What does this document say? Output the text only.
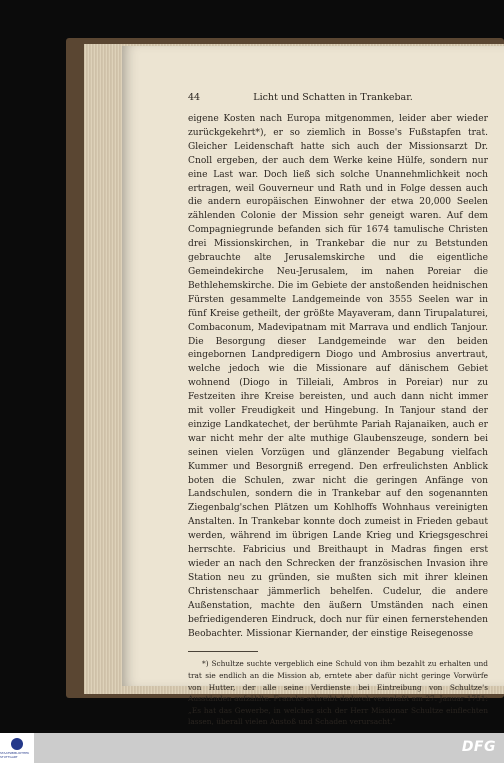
44	Licht und Schatten in Trankebar.

eigene Kosten nach Europa mitgenommen, leider aber wieder zurückgekehrt*), er so ziemlich in Bosse's Fußstapfen trat. Gleicher Leidenschaft hatte sich auch der Missionsarzt Dr. Cnoll ergeben, der auch dem Werke keine Hülfe, sondern nur eine Last war. Doch ließ sich solche Unannehmlichkeit noch ertragen, weil Gouverneur und Rath und in Folge dessen auch die andern europäischen Einwohner der etwa 20,000 Seelen zählenden Colonie der Mission sehr geneigt waren. Auf dem Compagniegrunde befanden sich für 1674 tamulische Christen drei Missionskirchen, in Trankebar die nur zu Betstunden gebrauchte alte Jerusalemskirche und die eigentliche Gemeindekirche Neu-Jerusalem, im nahen Poreiar die Bethlehemskirche. Die im Gebiete der anstoßenden heidnischen Fürsten gesammelte Landgemeinde von 3555 Seelen war in fünf Kreise getheilt, der größte Mayaveram, dann Tirupalaturei, Combaconum, Madevipatnam mit Marrava und endlich Tanjour. Die Besorgung dieser Landgemeinde war den beiden eingebornen Landpredigern Diogo und Ambrosius anvertraut, welche jedoch wie die Missionare auf dänischem Gebiet wohnend (Diogo in Tilleiali, Ambros in Poreiar) nur zu Festzeiten ihre Kreise bereisten, und auch dann nicht immer mit voller Freudigkeit und Hingebung. In Tanjour stand der einzige Landkatechet, der berühmte Pariah Rajanaiken, auch er war nicht mehr der alte muthige Glaubenszeuge, sondern bei seinen vielen Vorzügen und glänzender Begabung vielfach Kummer und Besorgniß erregend. Den erfreulichsten Anblick boten die Schulen, zwar nicht die geringen Anfänge von Landschulen, sondern die in Trankebar auf den sogenannten Ziegenbalg'schen Plätzen um Kohlhoffs Wohnhaus vereinigten Anstalten. In Trankebar konnte doch zumeist in Frieden gebaut werden, während im übrigen Lande Krieg und Kriegsgeschrei herrschte. Fabricius und Breithaupt in Madras fingen erst wieder an nach den Schrecken der französischen Invasion ihre Station neu zu gründen, sie mußten sich mit ihrer kleinen Christenschaar jämmerlich behelfen. Cudelur, die andere Außenstation, machte den äußern Umständen nach einen befriedigenderen Eindruck, doch nur für einen fernerstehenden Beobachter. Missionar Kiernander, der einstige Reisegenosse

*) Schultze suchte vergeblich eine Schuld von ihm bezahlt zu erhalten und trat sie endlich an die Mission ab, erntete aber dafür nicht geringe Vorwürfe von Hutter, der alle seine Verdienste bei Eintreibung von Schultze's Ausständen aufzählte. Francke schreibt dadurch veranlaßt am 27. Januar 1751: „Es hat das Gewerbe, in welches sich der Herr Missionar Schultze einflechten lassen, überall vielen Anstoß und Schaden verursacht."

STAATSBIBLIOTHEK STUTTGART
DFG
